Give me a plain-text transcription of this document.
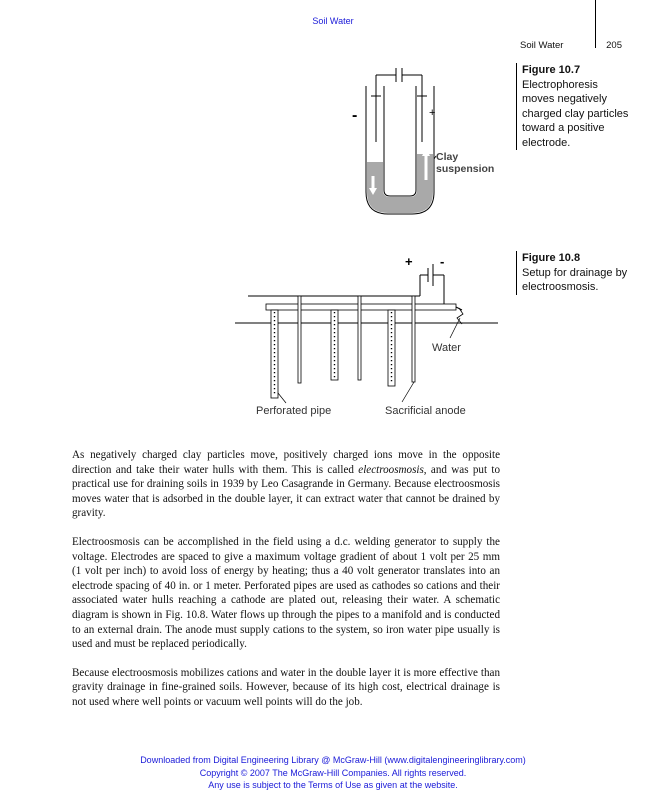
Soil Water
Soil Water	205
-	+
Clay
suspension
Figure 10.7
Electrophoresis moves negatively charged clay particles toward a positive electrode.
+ -
Water
Perforated pipe	Sacrificial anode
Figure 10.8
Setup for drainage by electroosmosis.

As negatively charged clay particles move, positively charged ions move in the opposite direction and take their water hulls with them. This is called electroosmosis, and was put to practical use for draining soils in 1939 by Leo Casagrande in Germany. Because electroosmosis moves water that is adsorbed in the double layer, it can extract water that cannot be drained by gravity.

Electroosmosis can be accomplished in the field using a d.c. welding generator to supply the voltage. Electrodes are spaced to give a maximum voltage gradient of about 1 volt per 25 mm (1 volt per inch) to avoid loss of energy by heating; thus a 40 volt generator translates into an electrode spacing of 40 in. or 1 meter. Perforated pipes are used as cathodes so cations and their associated water hulls reaching a cathode are plated out, releasing their water. A schematic diagram is shown in Fig. 10.8. Water flows up through the pipes to a manifold and is conducted to an external drain. The anode must supply cations to the system, so iron water pipe usually is used and must be replaced periodically.

Because electroosmosis mobilizes cations and water in the double layer it is more effective than gravity drainage in fine-grained soils. However, because of its high cost, electrical drainage is not used where well points or vacuum well points will do the job.

Downloaded from Digital Engineering Library @ McGraw-Hill (www.digitalengineeringlibrary.com)
Copyright © 2007 The McGraw-Hill Companies. All rights reserved.
Any use is subject to the Terms of Use as given at the website.
